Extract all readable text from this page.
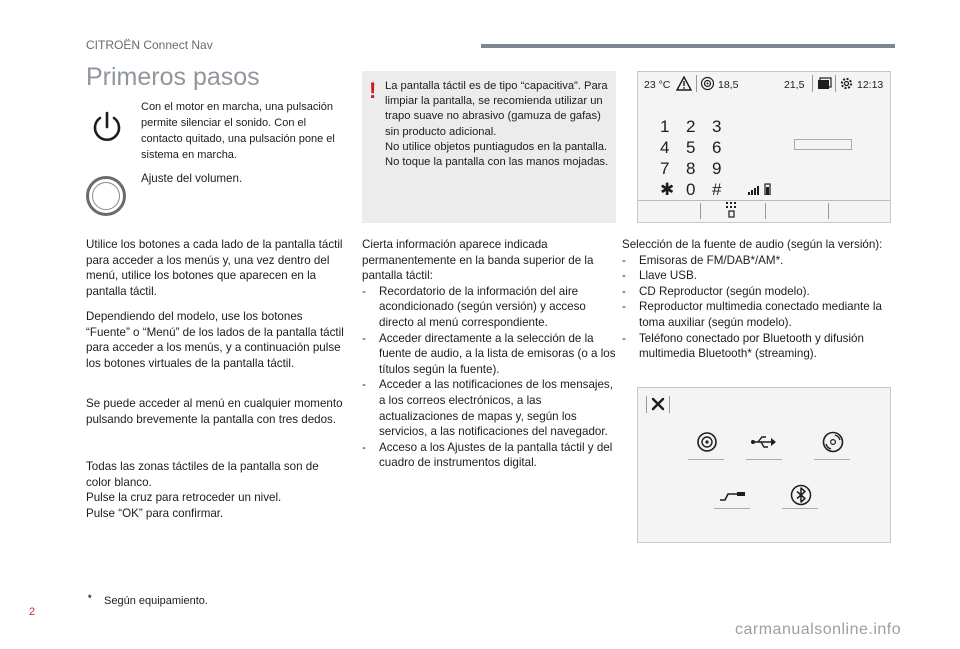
CITROËN Connect Nav
Primeros pasos

Con el motor en marcha, una pulsación permite silenciar el sonido. Con el contacto quitado, una pulsación pone el sistema en marcha.

Ajuste del volumen.

Utilice los botones a cada lado de la pantalla táctil para acceder a los menús y, una vez dentro del menú, utilice los botones que aparecen en la pantalla táctil.

Dependiendo del modelo, use los botones “Fuente” o “Menú” de los lados de la pantalla táctil para acceder a los menús, y a continuación pulse los botones virtuales de la pantalla táctil.

Se puede acceder al menú en cualquier momento pulsando brevemente la pantalla con tres dedos.

Todas las zonas táctiles de la pantalla son de color blanco.
Pulse la cruz para retroceder un nivel.
Pulse “OK” para confirmar.
* Según equipamiento.
! La pantalla táctil es de tipo “capacitiva”. Para limpiar la pantalla, se recomienda utilizar un trapo suave no abrasivo (gamuza de gafas) sin producto adicional.
No utilice objetos puntiagudos en la pantalla.
No toque la pantalla con las manos mojadas.
Cierta información aparece indicada permanentemente en la banda superior de la pantalla táctil:
- Recordatorio de la información del aire acondicionado (según versión) y acceso directo al menú correspondiente.
- Acceder directamente a la selección de la fuente de audio, a la lista de emisoras (o a los títulos según la fuente).
- Acceder a las notificaciones de los mensajes, a los correos electrónicos, a las actualizaciones de mapas y, según los servicios, a las notificaciones del navegador.
- Acceso a los Ajustes de la pantalla táctil y del cuadro de instrumentos digital.
23 °C	18,5	21,5	12:13
1 2 3
4 5 6
7 8 9
✱ 0 #
Selección de la fuente de audio (según la versión):
- Emisoras de FM/DAB*/AM*.
- Llave USB.
- CD Reproductor (según modelo).
- Reproductor multimedia conectado mediante la toma auxiliar (según modelo).
- Teléfono conectado por Bluetooth y difusión multimedia Bluetooth* (streaming).
2
carmanualsonline.info
